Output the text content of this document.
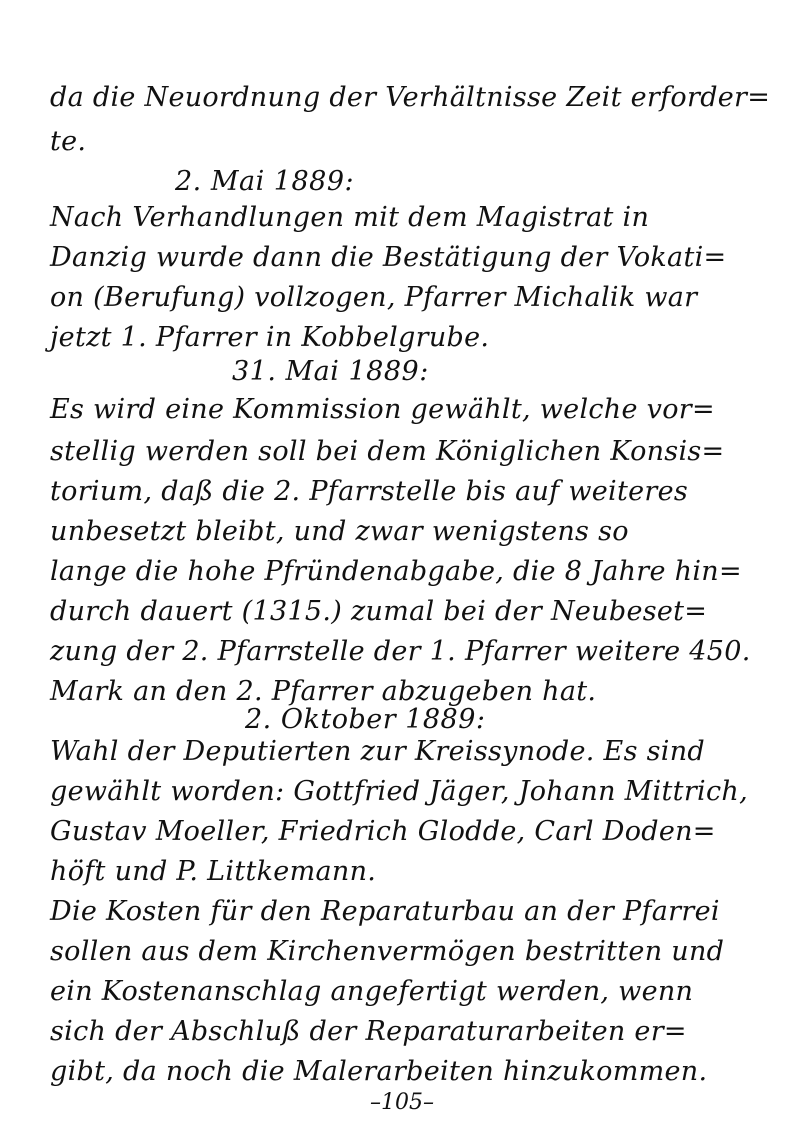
da die Neuordnung der Verhältnisse Zeit erforder=
te.
2. Mai 1889:
Nach Verhandlungen mit dem Magistrat in
Danzig wurde dann die Bestätigung der Vokati=
on (Berufung) vollzogen, Pfarrer Michalik war
jetzt 1. Pfarrer in Kobbelgrube.
31. Mai 1889:
Es wird eine Kommission gewählt, welche vor=
stellig werden soll bei dem Königlichen Konsis=
torium, daß die 2. Pfarrstelle bis auf weiteres
unbesetzt bleibt, und zwar wenigstens so
lange die hohe Pfründenabgabe, die 8 Jahre hin=
durch dauert (1315.) zumal bei der Neubeset=
zung der 2. Pfarrstelle der 1. Pfarrer weitere 450.
Mark an den 2. Pfarrer abzugeben hat.
2. Oktober 1889:
Wahl der Deputierten zur Kreissynode. Es sind
gewählt worden: Gottfried Jäger, Johann Mittrich,
Gustav Moeller, Friedrich Glodde, Carl Doden=
höft und P. Littkemann.
Die Kosten für den Reparaturbau an der Pfarrei
sollen aus dem Kirchenvermögen bestritten und
ein Kostenanschlag angefertigt werden, wenn
sich der Abschluß der Reparaturarbeiten er=
gibt, da noch die Malerarbeiten hinzukommen.
–105–
